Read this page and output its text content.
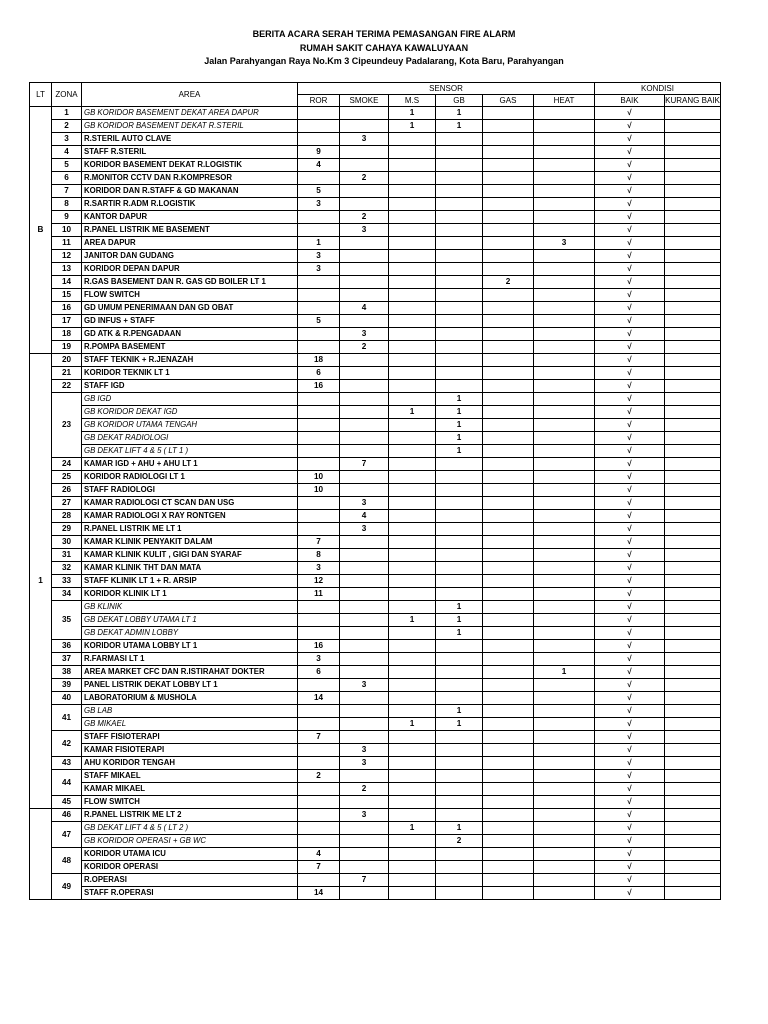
BERITA ACARA SERAH TERIMA PEMASANGAN FIRE ALARM
RUMAH SAKIT CAHAYA KAWALUYAAN
Jalan Parahyangan Raya No.Km 3 Cipeundeuy Padalarang, Kota Baru, Parahyangan
LT	ZONA	AREA	SENSOR						KONDISI	
			ROR	SMOKE	M.S	GB	GAS	HEAT	BAIK	KURANG BAIK
B	1	GB KORIDOR BASEMENT DEKAT AREA DAPUR			1	1			√	
	2	GB KORIDOR BASEMENT DEKAT R.STERIL			1	1			√	
	3	R.STERIL AUTO CLAVE		3					√	
	4	STAFF R.STERIL	9						√	
	5	KORIDOR BASEMENT DEKAT R.LOGISTIK	4						√	
	6	R.MONITOR CCTV DAN R.KOMPRESOR		2					√	
	7	KORIDOR DAN R.STAFF & GD MAKANAN	5						√	
	8	R.SARTIR R.ADM R.LOGISTIK	3						√	
	9	KANTOR DAPUR		2					√	
	10	R.PANEL LISTRIK ME BASEMENT		3					√	
	11	AREA DAPUR	1					3	√	
	12	JANITOR DAN GUDANG	3						√	
	13	KORIDOR DEPAN DAPUR	3						√	
	14	R.GAS BASEMENT DAN R. GAS GD BOILER LT 1					2		√	
	15	FLOW SWITCH							√	
	16	GD UMUM PENERIMAAN DAN GD OBAT		4					√	
	17	GD INFUS + STAFF	5						√	
	18	GD ATK & R.PENGADAAN		3					√	
	19	R.POMPA BASEMENT		2					√	
1	20	STAFF TEKNIK + R.JENAZAH	18						√	
	21	KORIDOR TEKNIK LT 1	6						√	
	22	STAFF IGD	16						√	
	23	GB IGD				1			√	
		GB KORIDOR DEKAT IGD			1	1			√	
		GB KORIDOR UTAMA TENGAH				1			√	
		GB DEKAT RADIOLOGI				1			√	
		GB DEKAT LIFT 4 & 5 ( LT 1 )				1			√	
	24	KAMAR IGD + AHU + AHU LT 1		7					√	
	25	KORIDOR RADIOLOGI LT 1	10						√	
	26	STAFF RADIOLOGI	10						√	
	27	KAMAR RADIOLOGI CT SCAN DAN USG		3					√	
	28	KAMAR RADIOLOGI X RAY RONTGEN		4					√	
	29	R.PANEL LISTRIK ME LT 1		3					√	
	30	KAMAR KLINIK PENYAKIT DALAM	7						√	
	31	KAMAR KLINIK KULIT , GIGI DAN SYARAF	8						√	
	32	KAMAR KLINIK THT DAN MATA	3						√	
	33	STAFF KLINIK LT 1 + R. ARSIP	12						√	
	34	KORIDOR KLINIK LT 1	11						√	
	35	GB KLINIK				1			√	
		GB DEKAT LOBBY UTAMA LT 1			1	1			√	
		GB DEKAT ADMIN LOBBY				1			√	
	36	KORIDOR UTAMA LOBBY LT 1	16						√	
	37	R.FARMASI LT 1	3						√	
	38	AREA MARKET CFC DAN R.ISTIRAHAT DOKTER	6					1	√	
	39	PANEL LISTRIK DEKAT LOBBY LT 1		3					√	
	40	LABORATORIUM & MUSHOLA	14						√	
	41	GB LAB				1			√	
		GB MIKAEL			1	1			√	
	42	STAFF FISIOTERAPI	7						√	
		KAMAR FISIOTERAPI		3					√	
	43	AHU KORIDOR TENGAH		3					√	
	44	STAFF MIKAEL	2						√	
		KAMAR MIKAEL		2					√	
	45	FLOW SWITCH							√	
	46	R.PANEL LISTRIK ME LT 2		3					√	
	47	GB DEKAT LIFT 4 & 5 ( LT 2 )			1	1			√	
		GB KORIDOR OPERASI + GB WC				2			√	
	48	KORIDOR UTAMA ICU	4						√	
		KORIDOR OPERASI	7						√	
	49	R.OPERASI		7					√	
		STAFF R.OPERASI	14						√	
